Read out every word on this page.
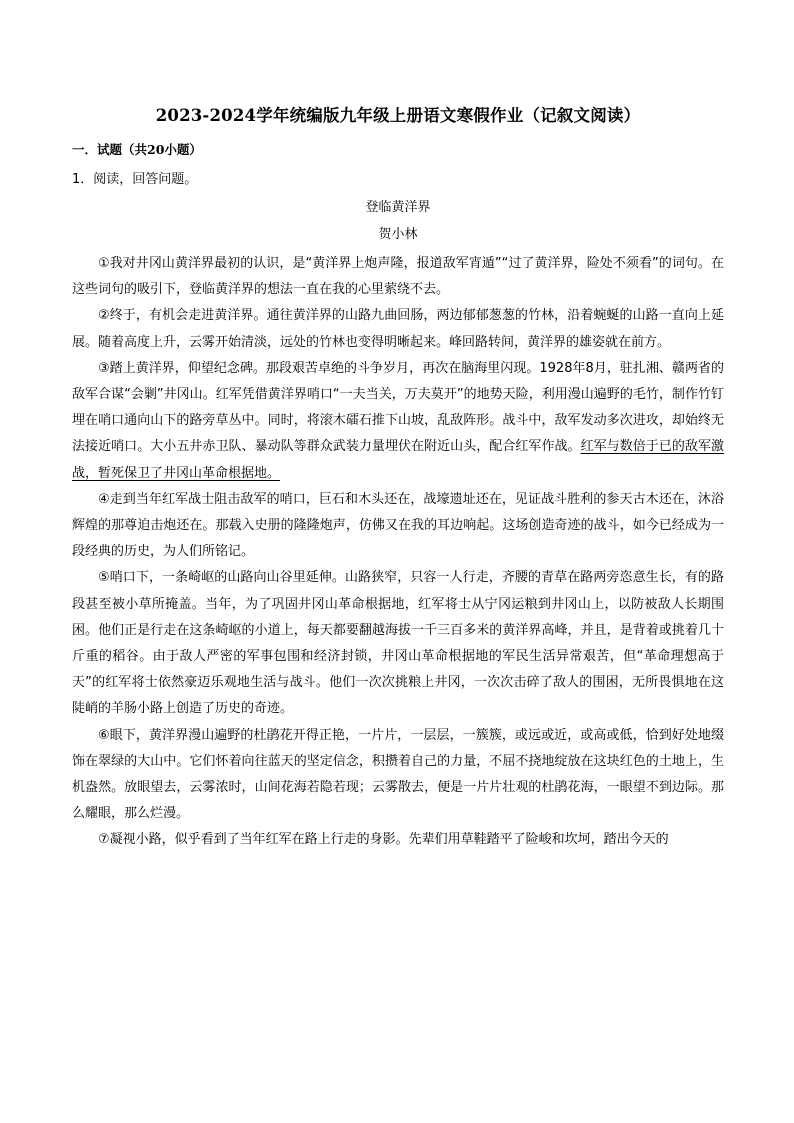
2023-2024学年统编版九年级上册语文寒假作业（记叙文阅读）
一．试题（共20小题）
1．阅读，回答问题。
登临黄洋界
贺小林

①我对井冈山黄洋界最初的认识，是“黄洋界上炮声隆，报道敌军宵遁”“过了黄洋界，险处不须看”的词句。在这些词句的吸引下，登临黄洋界的想法一直在我的心里萦绕不去。

②终于，有机会走进黄洋界。通往黄洋界的山路九曲回肠，两边郁郁葱葱的竹林，沿着蜿蜒的山路一直向上延展。随着高度上升，云雾开始清淡，远处的竹林也变得明晰起来。峰回路转间，黄洋界的雄姿就在前方。

③踏上黄洋界，仰望纪念碑。那段艰苦卓绝的斗争岁月，再次在脑海里闪现。1928年8月，驻扎湘、赣两省的敌军合谋“会剿”井冈山。红军凭借黄洋界哨口“一夫当关，万夫莫开”的地势天险，利用漫山遍野的毛竹，制作竹钉埋在哨口通向山下的路旁草丛中。同时，将滚木礌石推下山坡，乱敌阵形。战斗中，敌军发动多次进攻，却始终无法接近哨口。大小五井赤卫队、暴动队等群众武装力量埋伏在附近山头，配合红军作战。红军与数倍于已的敌军激战，暂死保卫了井冈山革命根据地。

④走到当年红军战士阻击敌军的哨口，巨石和木头还在，战壕遗址还在，见证战斗胜利的参天古木还在，沐浴辉煌的那尊迫击炮还在。那载入史册的隆隆炮声，仿佛又在我的耳边响起。这场创造奇迹的战斗，如今已经成为一段经典的历史，为人们所铭记。

⑤哨口下，一条崎岖的山路向山谷里延伸。山路狭窄，只容一人行走，齐腰的青草在路两旁恣意生长，有的路段甚至被小草所掩盖。当年，为了巩固井冈山革命根据地，红军将士从宁冈运粮到井冈山上，以防被敌人长期围困。他们正是行走在这条崎岖的小道上，每天都要翻越海拔一千三百多米的黄洋界高峰，并且，是背着或挑着几十斤重的稻谷。由于敌人严密的军事包围和经济封锁，井冈山革命根据地的军民生活异常艰苦，但“革命理想高于天”的红军将士依然豪迈乐观地生活与战斗。他们一次次挑粮上井冈，一次次击碎了敌人的围困，无所畏惧地在这陡峭的羊肠小路上创造了历史的奇迹。

⑥眼下，黄洋界漫山遍野的杜鹃花开得正艳，一片片，一层层，一簇簇，或远或近，或高或低，恰到好处地缀饰在翠绿的大山中。它们怀着向往蓝天的坚定信念，积攒着自己的力量，不屈不挠地绽放在这块红色的土地上，生机盎然。放眼望去，云雾浓时，山间花海若隐若现；云雾散去，便是一片片壮观的杜鹃花海，一眼望不到边际。那么耀眼，那么烂漫。

⑦凝视小路，似乎看到了当年红军在路上行走的身影。先辈们用草鞋踏平了险峻和坎坷，踏出今天的
